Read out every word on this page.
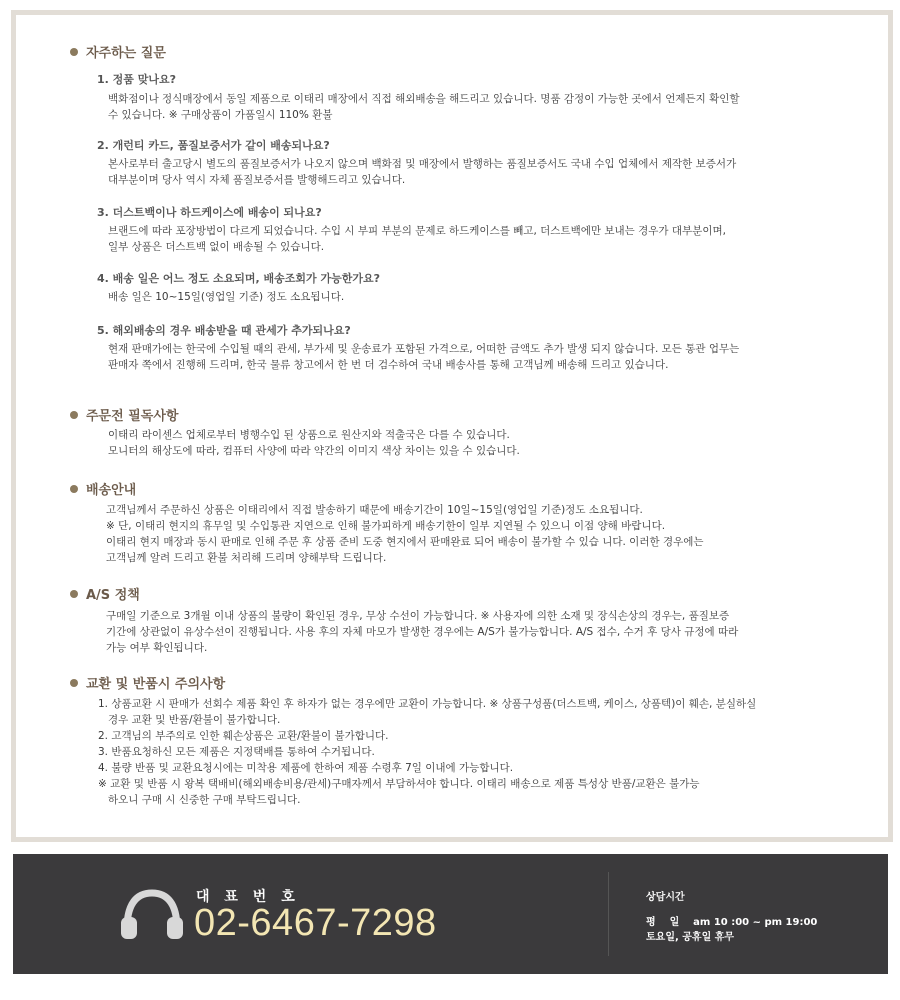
자주하는 질문
1. 정품 맞나요?
백화점이나 정식매장에서 동일 제품으로 이태리 매장에서 직접 해외배송을 해드리고 있습니다. 명품 감정이 가능한 곳에서 언제든지 확인할
수 있습니다. ※ 구매상품이 가품일시 110% 환불
2. 개런티 카드, 품질보증서가 같이 배송되나요?
본사로부터 출고당시 별도의 품질보증서가 나오지 않으며 백화점 및 매장에서 발행하는 품질보증서도 국내 수입 업체에서 제작한 보증서가
대부분이며 당사 역시 자체 품질보증서를 발행해드리고 있습니다.
3. 더스트백이나 하드케이스에 배송이 되나요?
브랜드에 따라 포장방법이 다르게 되었습니다. 수입 시 부피 부분의 문제로 하드케이스를 빼고, 더스트백에만 보내는 경우가 대부분이며,
일부 상품은 더스트백 없이 배송될 수 있습니다.
4. 배송 일은 어느 정도 소요되며, 배송조회가 가능한가요?
배송 일은 10~15일(영업일 기준) 정도 소요됩니다.
5. 해외배송의 경우 배송받을 때 관세가 추가되나요?
현재 판매가에는 한국에 수입될 때의 관세, 부가세 및 운송료가 포함된 가격으로, 어떠한 금액도 추가 발생 되지 않습니다. 모든 통관 업무는
판매자 쪽에서 진행해 드리며, 한국 물류 창고에서 한 번 더 검수하여 국내 배송사를 통해 고객님께 배송해 드리고 있습니다.
주문전 필독사항
이태리 라이센스 업체로부터 병행수입 된 상품으로 원산지와 적출국은 다를 수 있습니다.
모니터의 해상도에 따라, 컴퓨터 사양에 따라 약간의 이미지 색상 차이는 있을 수 있습니다.
배송안내
고객님께서 주문하신 상품은 이태리에서 직접 발송하기 때문에 배송기간이 10일~15일(영업일 기준)정도 소요됩니다.
※ 단, 이태리 현지의 휴무일 및 수입통관 지연으로 인해 불가피하게 배송기한이 일부 지연될 수 있으니 이점 양해 바랍니다.
이태리 현지 매장과 동시 판매로 인해 주문 후 상품 준비 도중 현지에서 판매완료 되어 배송이 불가할 수 있습 니다. 이러한 경우에는
고객님께 알려 드리고 환불 처리해 드리며 양해부탁 드립니다.
A/S 정책
구매일 기준으로 3개월 이내 상품의 불량이 확인된 경우, 무상 수선이 가능합니다. ※ 사용자에 의한 소재 및 장식손상의 경우는, 품질보증
기간에 상관없이 유상수선이 진행됩니다. 사용 후의 자체 마모가 발생한 경우에는 A/S가 불가능합니다. A/S 접수, 수거 후 당사 규정에 따라
가능 여부 확인됩니다.
교환 및 반품시 주의사항
1. 상품교환 시 판매가 선회수 제품 확인 후 하자가 없는 경우에만 교환이 가능합니다. ※ 상품구성품(더스트백, 케이스, 상품텍)이 훼손, 분실하실
경우 교환 및 반품/환불이 불가합니다.
2. 고객님의 부주의로 인한 훼손상품은 교환/환불이 불가합니다.
3. 반품요청하신 모든 제품은 지정택배를 통하여 수거됩니다.
4. 불량 반품 및 교환요청시에는 미착용 제품에 한하여 제품 수령후 7일 이내에 가능합니다.
※ 교환 및 반품 시 왕복 택배비(해외배송비용/관세)구매자께서 부담하셔야 합니다. 이태리 배송으로 제품 특성상 반품/교환은 불가능
하오니 구매 시 신중한 구매 부탁드립니다.
대 표 번 호
02-6467-7298
상담시간
평    일    am 10 :00 ~ pm 19:00
토요일, 공휴일 휴무
